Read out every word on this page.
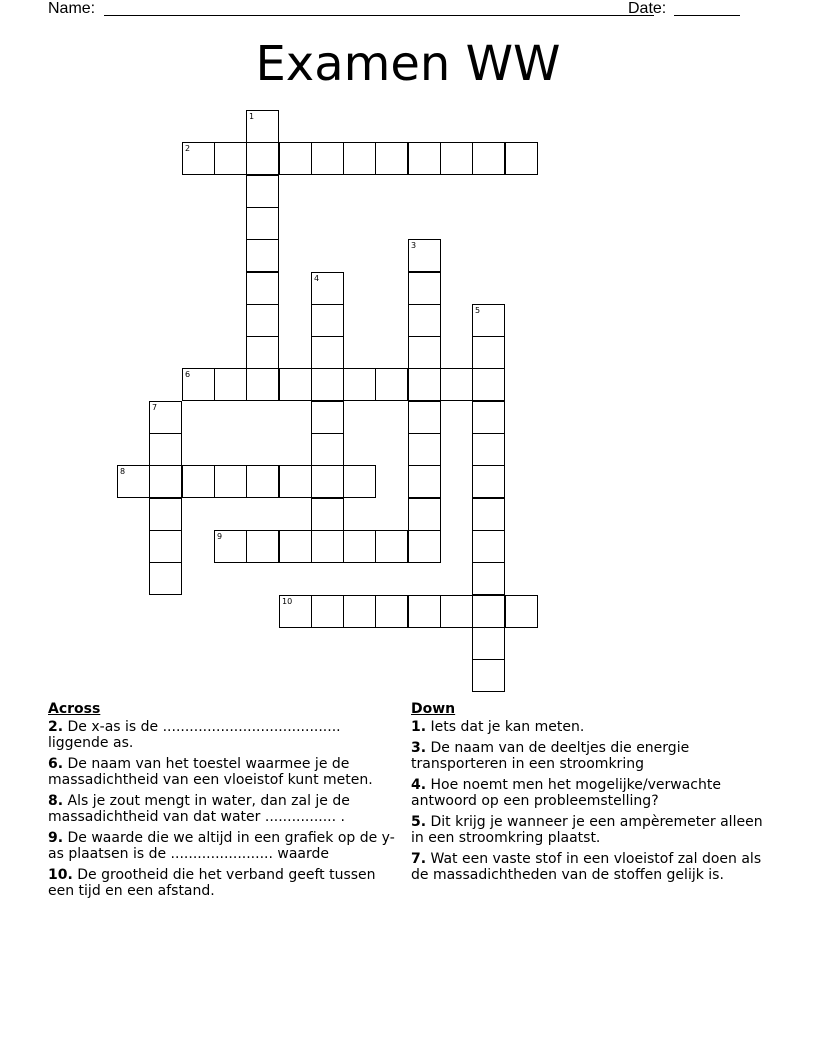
Name:	Date:
Examen WW
1
2
3
4
5
6
7
8
9
10
Across
2. De x-as is de ........................................ liggende as.
6. De naam van het toestel waarmee je de massadichtheid van een vloeistof kunt meten.
8. Als je zout mengt in water, dan zal je de massadichtheid van dat water ................ .
9. De waarde die we altijd in een grafiek op de y-as plaatsen is de ....................... waarde
10. De grootheid die het verband geeft tussen een tijd en een afstand.
Down
1. Iets dat je kan meten.
3. De naam van de deeltjes die energie transporteren in een stroomkring
4. Hoe noemt men het mogelijke/verwachte antwoord op een probleemstelling?
5. Dit krijg je wanneer je een ampèremeter alleen in een stroomkring plaatst.
7. Wat een vaste stof in een vloeistof zal doen als de massadichtheden van de stoffen gelijk is.
